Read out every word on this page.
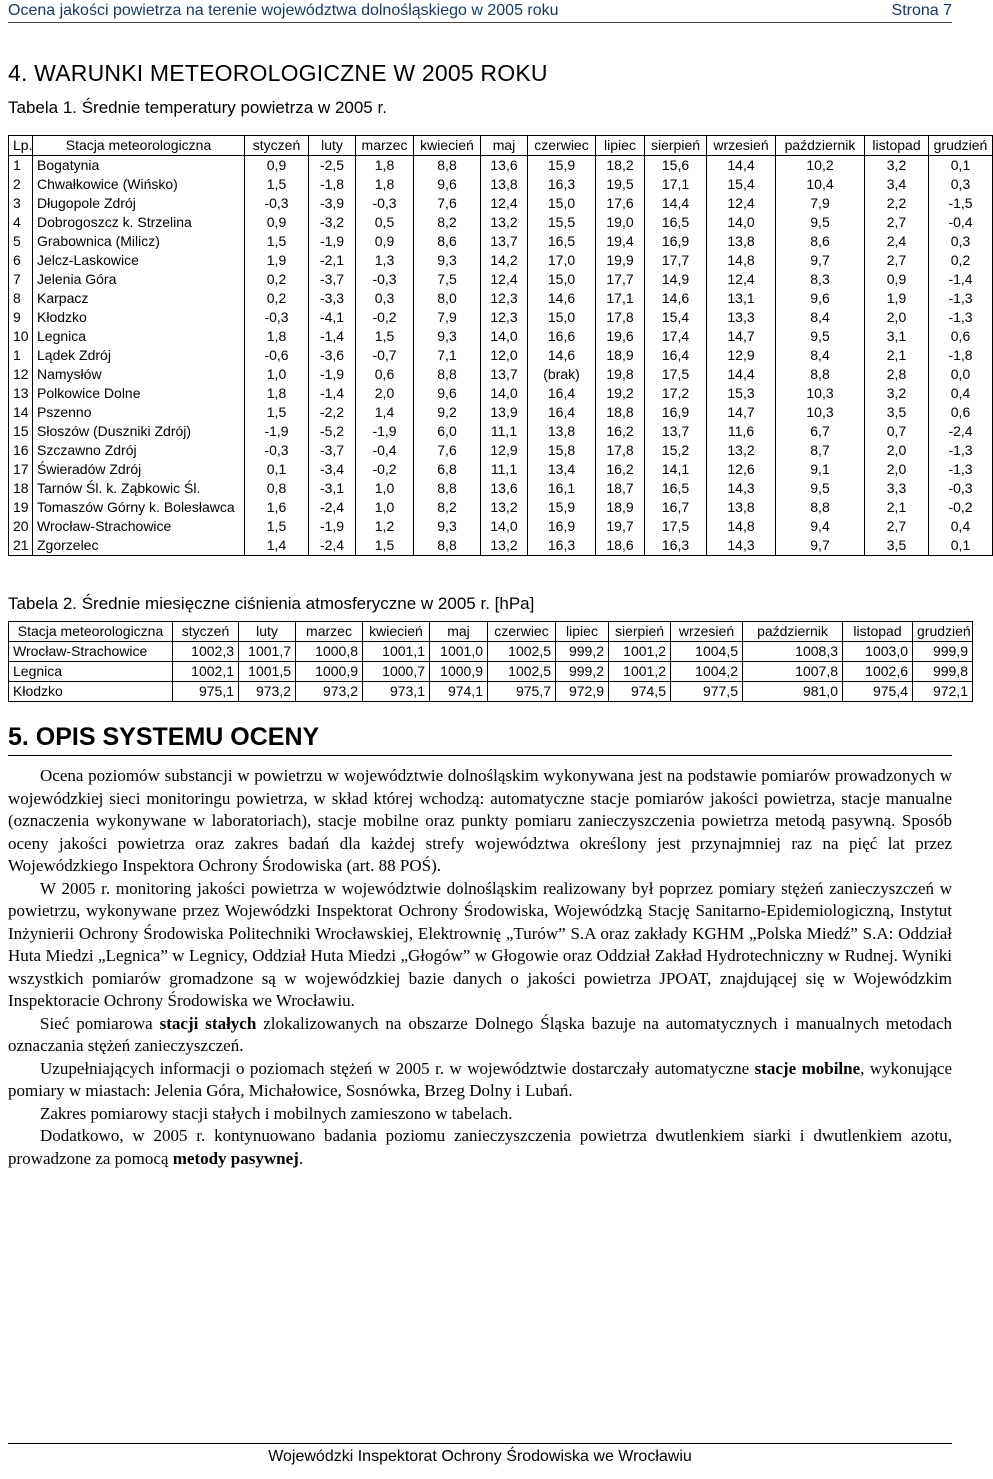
Ocena jakości powietrza na terenie województwa dolnośląskiego w 2005 roku	Strona 7
4. WARUNKI METEOROLOGICZNE W 2005 ROKU

Tabela 1. Średnie temperatury powietrza w 2005 r.

Lp.	Stacja meteorologiczna	styczeń	luty	marzec	kwiecień	maj	czerwiec	lipiec	sierpień	wrzesień	październik	listopad	grudzień
1	Bogatynia	0,9	-2,5	1,8	8,8	13,6	15,9	18,2	15,6	14,4	10,2	3,2	0,1
2	Chwałkowice (Wińsko)	1,5	-1,8	1,8	9,6	13,8	16,3	19,5	17,1	15,4	10,4	3,4	0,3
3	Długopole Zdrój	-0,3	-3,9	-0,3	7,6	12,4	15,0	17,6	14,4	12,4	7,9	2,2	-1,5
4	Dobrogoszcz k. Strzelina	0,9	-3,2	0,5	8,2	13,2	15,5	19,0	16,5	14,0	9,5	2,7	-0,4
5	Grabownica (Milicz)	1,5	-1,9	0,9	8,6	13,7	16,5	19,4	16,9	13,8	8,6	2,4	0,3
6	Jelcz-Laskowice	1,9	-2,1	1,3	9,3	14,2	17,0	19,9	17,7	14,8	9,7	2,7	0,2
7	Jelenia Góra	0,2	-3,7	-0,3	7,5	12,4	15,0	17,7	14,9	12,4	8,3	0,9	-1,4
8	Karpacz	0,2	-3,3	0,3	8,0	12,3	14,6	17,1	14,6	13,1	9,6	1,9	-1,3
9	Kłodzko	-0,3	-4,1	-0,2	7,9	12,3	15,0	17,8	15,4	13,3	8,4	2,0	-1,3
10	Legnica	1,8	-1,4	1,5	9,3	14,0	16,6	19,6	17,4	14,7	9,5	3,1	0,6
1	Lądek Zdrój	-0,6	-3,6	-0,7	7,1	12,0	14,6	18,9	16,4	12,9	8,4	2,1	-1,8
12	Namysłów	1,0	-1,9	0,6	8,8	13,7	(brak)	19,8	17,5	14,4	8,8	2,8	0,0
13	Polkowice Dolne	1,8	-1,4	2,0	9,6	14,0	16,4	19,2	17,2	15,3	10,3	3,2	0,4
14	Pszenno	1,5	-2,2	1,4	9,2	13,9	16,4	18,8	16,9	14,7	10,3	3,5	0,6
15	Słoszów (Duszniki Zdrój)	-1,9	-5,2	-1,9	6,0	11,1	13,8	16,2	13,7	11,6	6,7	0,7	-2,4
16	Szczawno Zdrój	-0,3	-3,7	-0,4	7,6	12,9	15,8	17,8	15,2	13,2	8,7	2,0	-1,3
17	Świeradów Zdrój	0,1	-3,4	-0,2	6,8	11,1	13,4	16,2	14,1	12,6	9,1	2,0	-1,3
18	Tarnów Śl. k. Ząbkowic Śl.	0,8	-3,1	1,0	8,8	13,6	16,1	18,7	16,5	14,3	9,5	3,3	-0,3
19	Tomaszów Górny k. Bolesławca	1,6	-2,4	1,0	8,2	13,2	15,9	18,9	16,7	13,8	8,8	2,1	-0,2
20	Wrocław-Strachowice	1,5	-1,9	1,2	9,3	14,0	16,9	19,7	17,5	14,8	9,4	2,7	0,4
21	Zgorzelec	1,4	-2,4	1,5	8,8	13,2	16,3	18,6	16,3	14,3	9,7	3,5	0,1

Tabela 2. Średnie miesięczne ciśnienia atmosferyczne w 2005 r. [hPa]

Stacja meteorologiczna	styczeń	luty	marzec	kwiecień	maj	czerwiec	lipiec	sierpień	wrzesień	październik	listopad	grudzień
Wrocław-Strachowice	1002,3	1001,7	1000,8	1001,1	1001,0	1002,5	999,2	1001,2	1004,5	1008,3	1003,0	999,9
Legnica	1002,1	1001,5	1000,9	1000,7	1000,9	1002,5	999,2	1001,2	1004,2	1007,8	1002,6	999,8
Kłodzko	975,1	973,2	973,2	973,1	974,1	975,7	972,9	974,5	977,5	981,0	975,4	972,1
5. OPIS SYSTEMU OCENY

Ocena poziomów substancji w powietrzu w województwie dolnośląskim wykonywana jest na podstawie pomiarów prowadzonych w wojewódzkiej sieci monitoringu powietrza, w skład której wchodzą: automatyczne stacje pomiarów jakości powietrza, stacje manualne (oznaczenia wykonywane w laboratoriach), stacje mobilne oraz punkty pomiaru zanieczyszczenia powietrza metodą pasywną. Sposób oceny jakości powietrza oraz zakres badań dla każdej strefy województwa określony jest przynajmniej raz na pięć lat przez Wojewódzkiego Inspektora Ochrony Środowiska (art. 88 POŚ).

W 2005 r. monitoring jakości powietrza w województwie dolnośląskim realizowany był poprzez pomiary stężeń zanieczyszczeń w powietrzu, wykonywane przez Wojewódzki Inspektorat Ochrony Środowiska, Wojewódzką Stację Sanitarno-Epidemiologiczną, Instytut Inżynierii Ochrony Środowiska Politechniki Wrocławskiej, Elektrownię „Turów” S.A oraz zakłady KGHM „Polska Miedź” S.A: Oddział Huta Miedzi „Legnica” w Legnicy, Oddział Huta Miedzi „Głogów” w Głogowie oraz Oddział Zakład Hydrotechniczny w Rudnej. Wyniki wszystkich pomiarów gromadzone są w wojewódzkiej bazie danych o jakości powietrza JPOAT, znajdującej się w Wojewódzkim Inspektoracie Ochrony Środowiska we Wrocławiu.

Sieć pomiarowa stacji stałych zlokalizowanych na obszarze Dolnego Śląska bazuje na automatycznych i manualnych metodach oznaczania stężeń zanieczyszczeń.

Uzupełniających informacji o poziomach stężeń w 2005 r. w województwie dostarczały automatyczne stacje mobilne, wykonujące pomiary w miastach: Jelenia Góra, Michałowice, Sosnówka, Brzeg Dolny i Lubań.

Zakres pomiarowy stacji stałych i mobilnych zamieszono w tabelach.

Dodatkowo, w 2005 r. kontynuowano badania poziomu zanieczyszczenia powietrza dwutlenkiem siarki i dwutlenkiem azotu, prowadzone za pomocą metody pasywnej.

Wojewódzki Inspektorat Ochrony Środowiska we Wrocławiu
